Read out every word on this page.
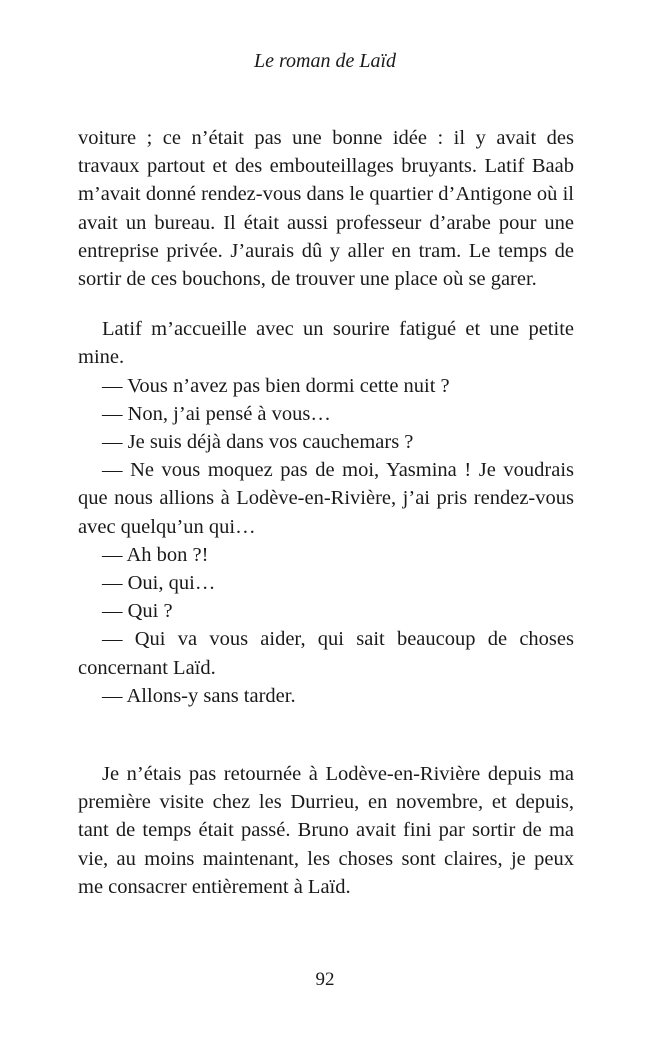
Le roman de Laïd

voiture ; ce n’était pas une bonne idée : il y avait des travaux partout et des embouteillages bruyants. Latif Baab m’avait donné rendez-vous dans le quartier d’Antigone où il avait un bureau. Il était aussi professeur d’arabe pour une entreprise privée. J’aurais dû y aller en tram. Le temps de sortir de ces bouchons, de trouver une place où se garer.

Latif m’accueille avec un sourire fatigué et une petite mine.

— Vous n’avez pas bien dormi cette nuit ?

— Non, j’ai pensé à vous…

— Je suis déjà dans vos cauchemars ?

— Ne vous moquez pas de moi, Yasmina ! Je voudrais que nous allions à Lodève-en-Rivière, j’ai pris rendez-vous avec quelqu’un qui…

— Ah bon ?!

— Oui, qui…

— Qui ?

— Qui va vous aider, qui sait beaucoup de choses concernant Laïd.

— Allons-y sans tarder.

Je n’étais pas retournée à Lodève-en-Rivière depuis ma première visite chez les Durrieu, en novembre, et depuis, tant de temps était passé. Bruno avait fini par sortir de ma vie, au moins maintenant, les choses sont claires, je peux me consacrer entièrement à Laïd.

92
